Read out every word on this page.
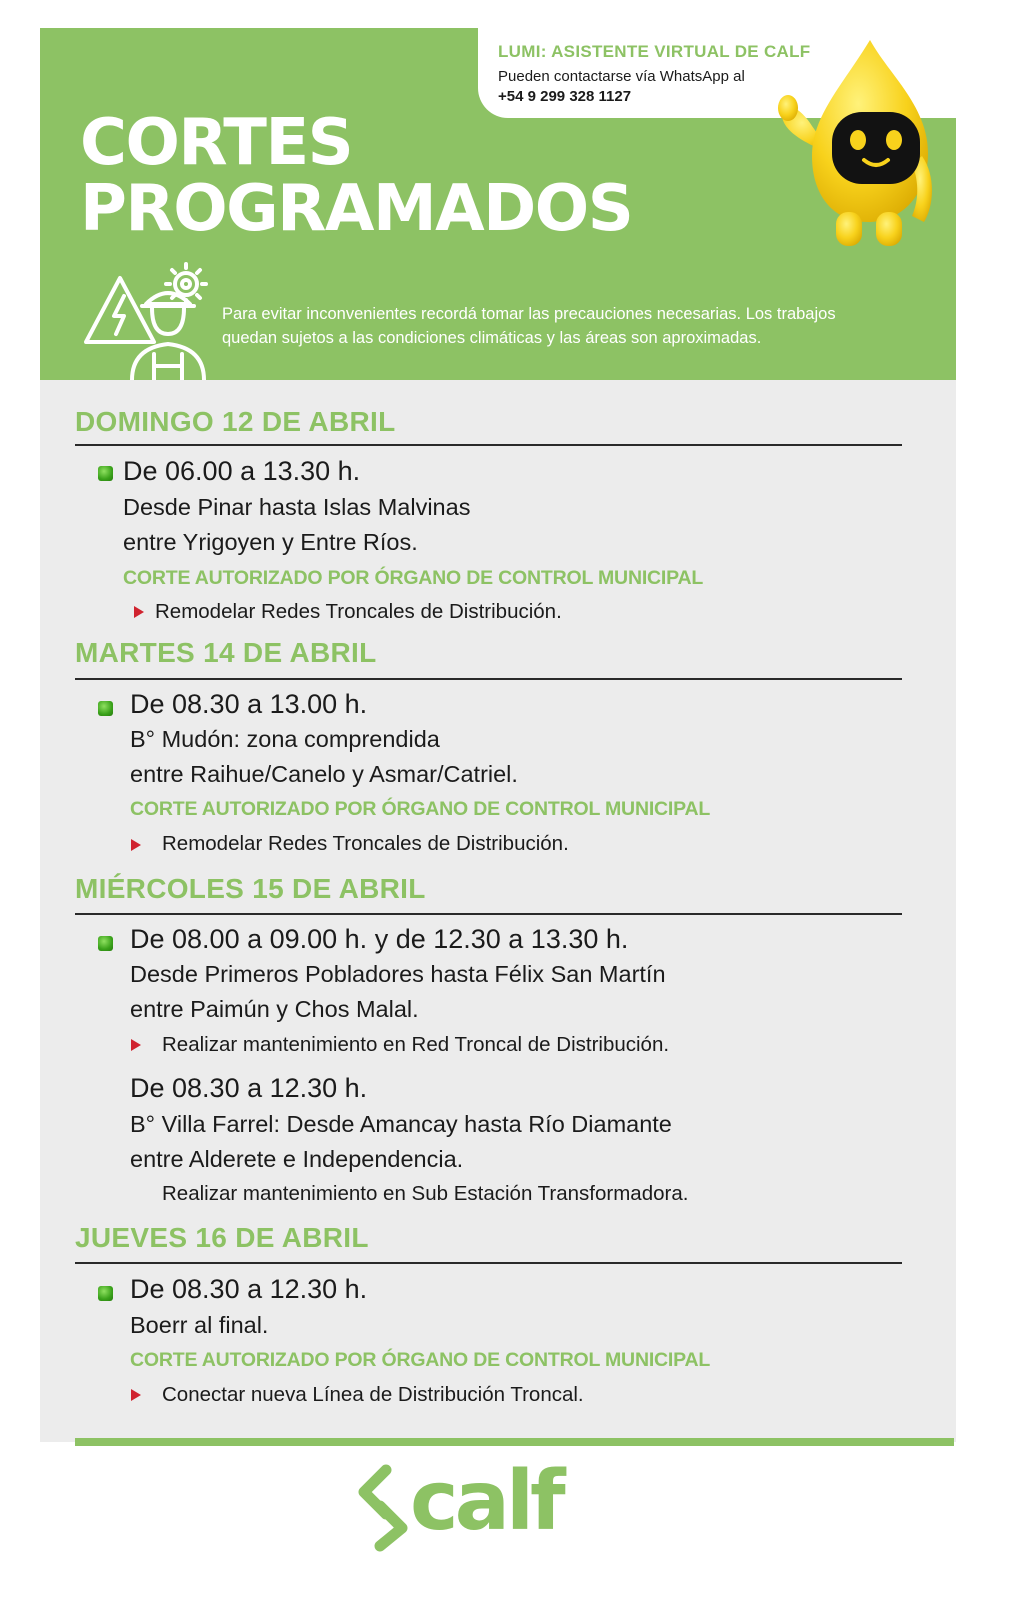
LUMI: ASISTENTE VIRTUAL DE CALF
Pueden contactarse vía WhatsApp al
+54 9 299 328 1127
CORTES
PROGRAMADOS
Para evitar inconvenientes recordá tomar las precauciones necesarias. Los trabajos
quedan sujetos a las condiciones climáticas y las áreas son aproximadas.
DOMINGO 12 DE ABRIL
De 06.00 a 13.30 h.
Desde Pinar hasta Islas Malvinas
entre Yrigoyen y Entre Ríos.
CORTE AUTORIZADO POR ÓRGANO DE CONTROL MUNICIPAL
Remodelar Redes Troncales de Distribución.
MARTES 14 DE ABRIL
De 08.30 a 13.00 h.
B° Mudón: zona comprendida
entre Raihue/Canelo y Asmar/Catriel.
CORTE AUTORIZADO POR ÓRGANO DE CONTROL MUNICIPAL
Remodelar Redes Troncales de Distribución.
MIÉRCOLES 15 DE ABRIL
De 08.00 a 09.00 h. y de 12.30 a 13.30 h.
Desde Primeros Pobladores hasta Félix San Martín
entre Paimún y Chos Malal.
Realizar mantenimiento en Red Troncal de Distribución.
De 08.30 a 12.30 h.
B° Villa Farrel: Desde Amancay hasta Río Diamante
entre Alderete e Independencia.
Realizar mantenimiento en Sub Estación Transformadora.
JUEVES 16 DE ABRIL
De 08.30 a 12.30 h.
Boerr al final.
CORTE AUTORIZADO POR ÓRGANO DE CONTROL MUNICIPAL
Conectar nueva Línea de Distribución Troncal.
calf
